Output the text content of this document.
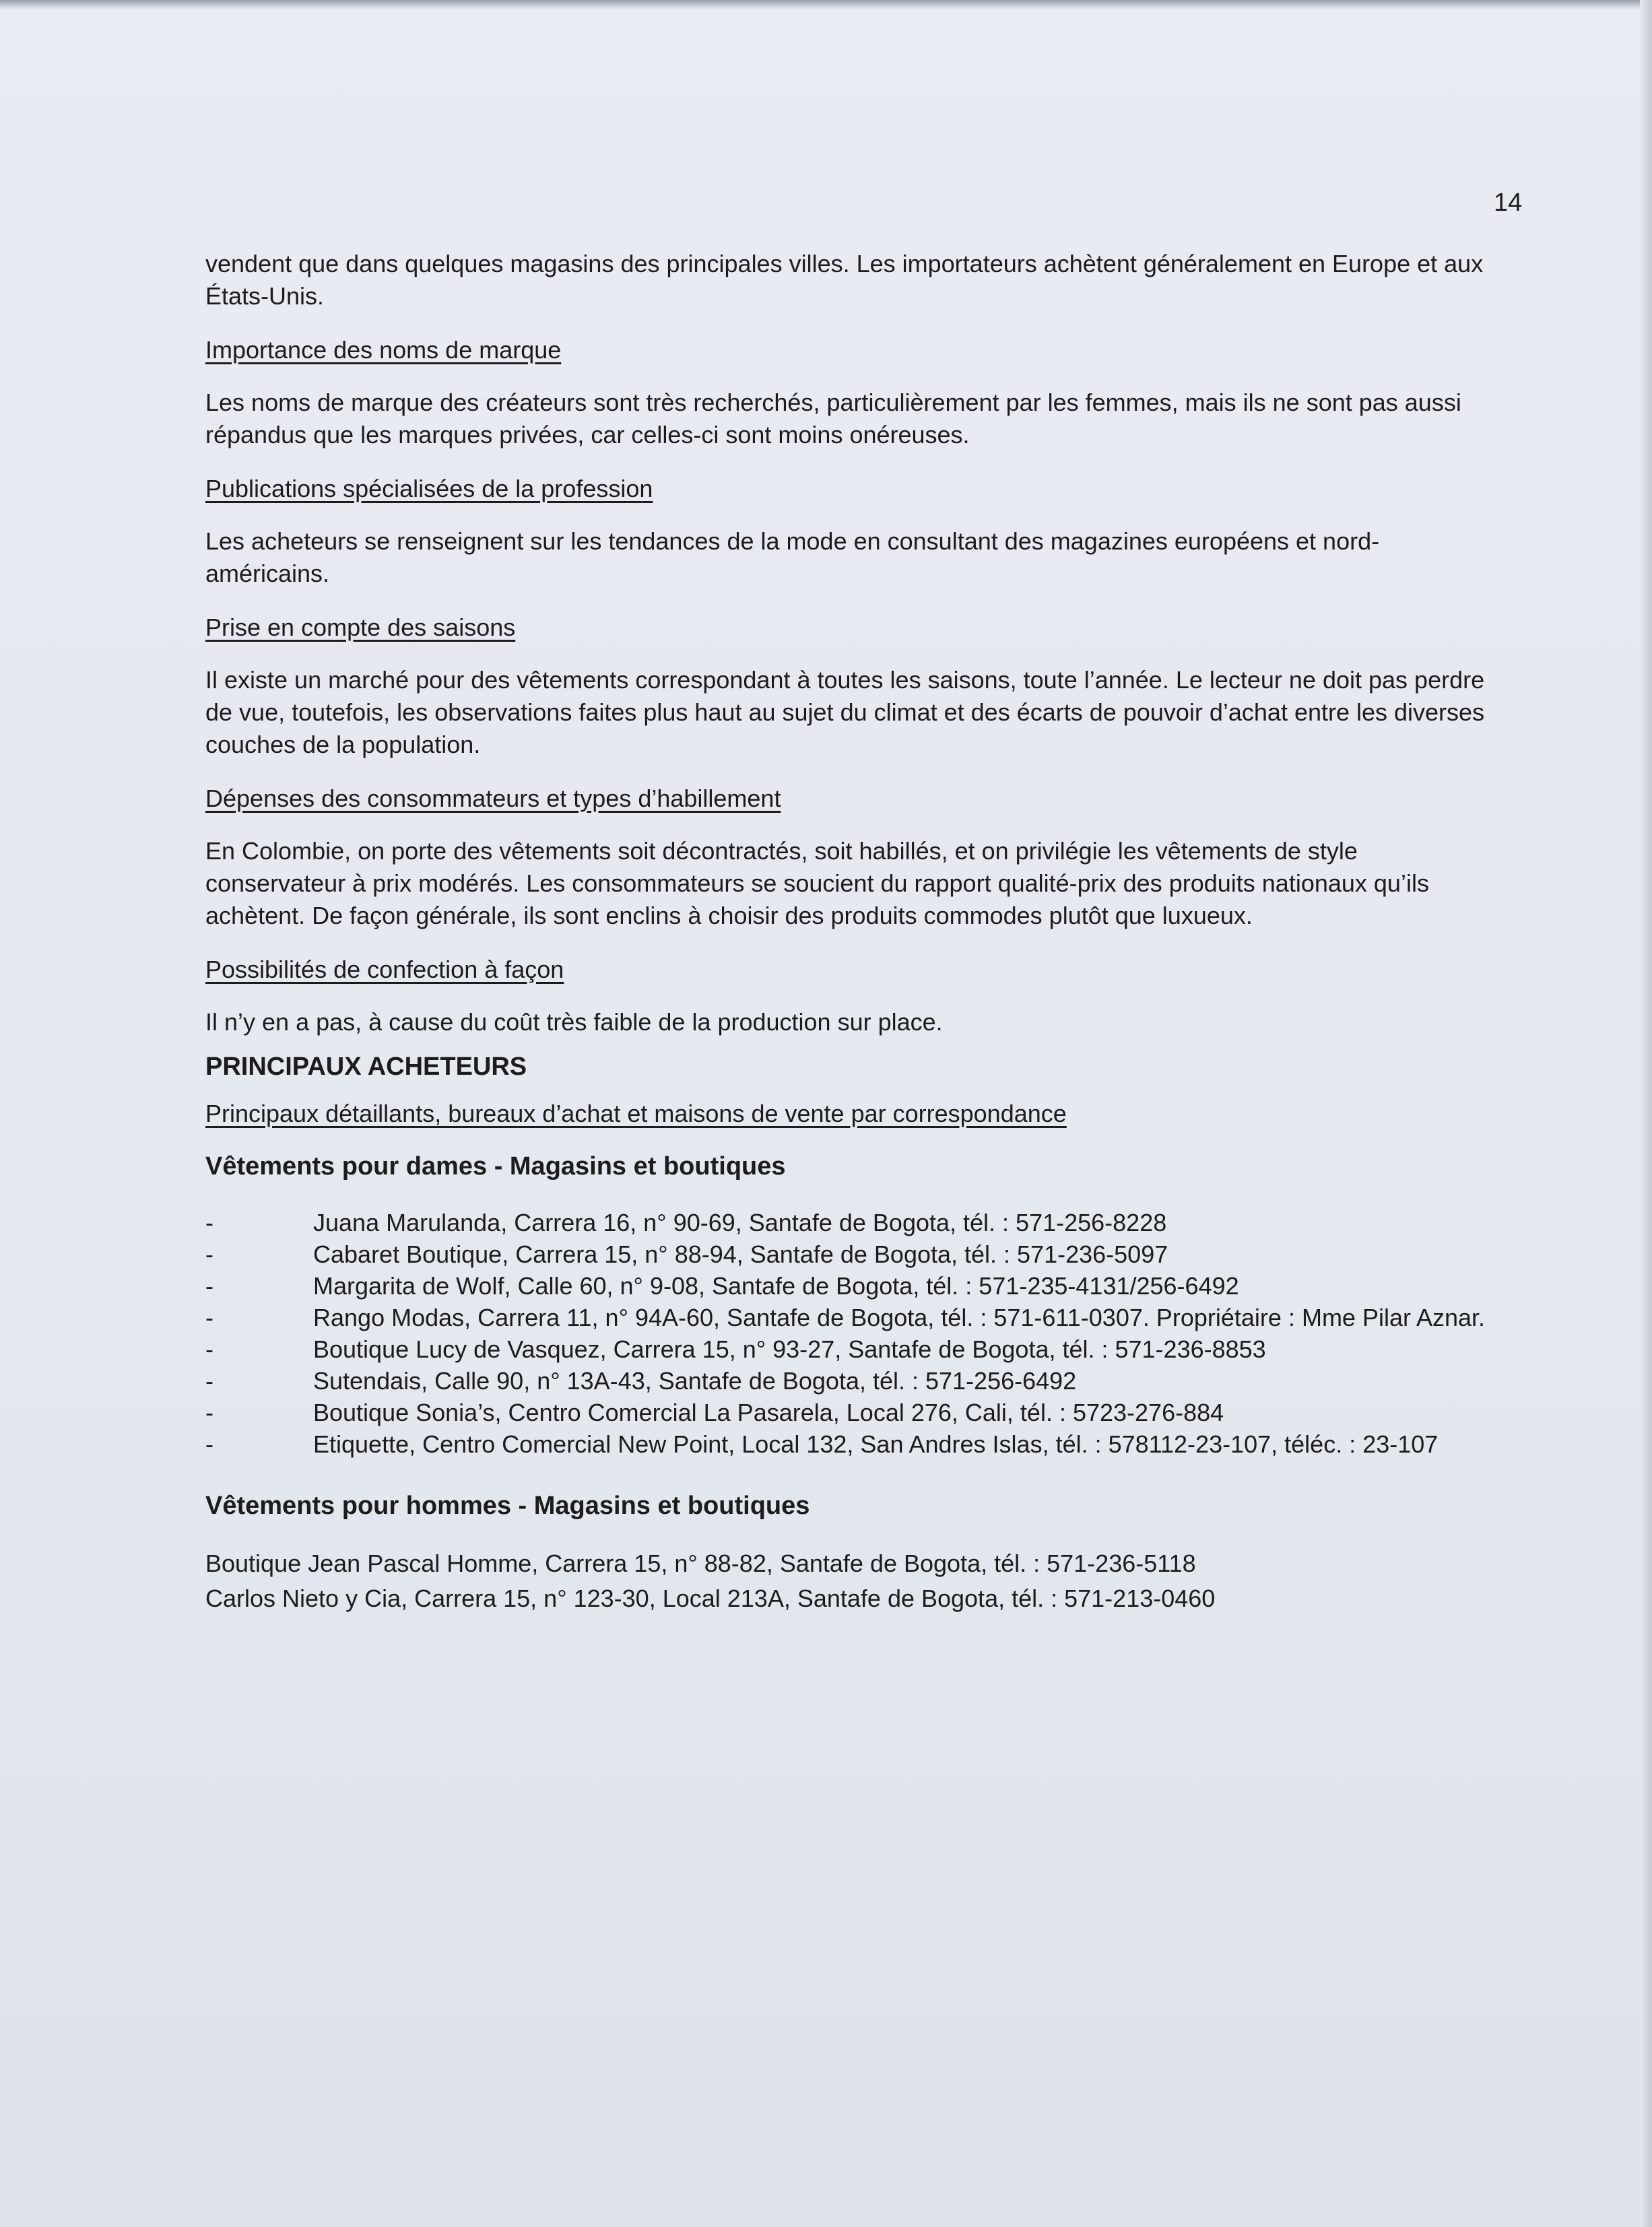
14

vendent que dans quelques magasins des principales villes. Les importateurs achètent généralement en Europe et aux États-Unis.

Importance des noms de marque

Les noms de marque des créateurs sont très recherchés, particulièrement par les femmes, mais ils ne sont pas aussi répandus que les marques privées, car celles-ci sont moins onéreuses.

Publications spécialisées de la profession

Les acheteurs se renseignent sur les tendances de la mode en consultant des magazines européens et nord-américains.

Prise en compte des saisons

Il existe un marché pour des vêtements correspondant à toutes les saisons, toute l’année. Le lecteur ne doit pas perdre de vue, toutefois, les observations faites plus haut au sujet du climat et des écarts de pouvoir d’achat entre les diverses couches de la population.

Dépenses des consommateurs et types d’habillement

En Colombie, on porte des vêtements soit décontractés, soit habillés, et on privilégie les vêtements de style conservateur à prix modérés. Les consommateurs se soucient du rapport qualité-prix des produits nationaux qu’ils achètent. De façon générale, ils sont enclins à choisir des produits commodes plutôt que luxueux.

Possibilités de confection à façon

Il n’y en a pas, à cause du coût très faible de la production sur place.

PRINCIPAUX ACHETEURS

Principaux détaillants, bureaux d’achat et maisons de vente par correspondance

Vêtements pour dames - Magasins et boutiques

-	Juana Marulanda, Carrera 16, n° 90-69, Santafe de Bogota, tél. : 571-256-8228
-	Cabaret Boutique, Carrera 15, n° 88-94, Santafe de Bogota, tél. : 571-236-5097
-	Margarita de Wolf, Calle 60, n° 9-08, Santafe de Bogota, tél. : 571-235-4131/256-6492
-	Rango Modas, Carrera 11, n° 94A-60, Santafe de Bogota, tél. : 571-611-0307. Propriétaire : Mme Pilar Aznar.
-	Boutique Lucy de Vasquez, Carrera 15, n° 93-27, Santafe de Bogota, tél. : 571-236-8853
-	Sutendais, Calle 90, n° 13A-43, Santafe de Bogota, tél. : 571-256-6492
-	Boutique Sonia’s, Centro Comercial La Pasarela, Local 276, Cali, tél. : 5723-276-884
-	Etiquette, Centro Comercial New Point, Local 132, San Andres Islas, tél. : 578112-23-107, téléc. : 23-107

Vêtements pour hommes - Magasins et boutiques

Boutique Jean Pascal Homme, Carrera 15, n° 88-82, Santafe de Bogota, tél. : 571-236-5118

Carlos Nieto y Cia, Carrera 15, n° 123-30, Local 213A, Santafe de Bogota, tél. : 571-213-0460
